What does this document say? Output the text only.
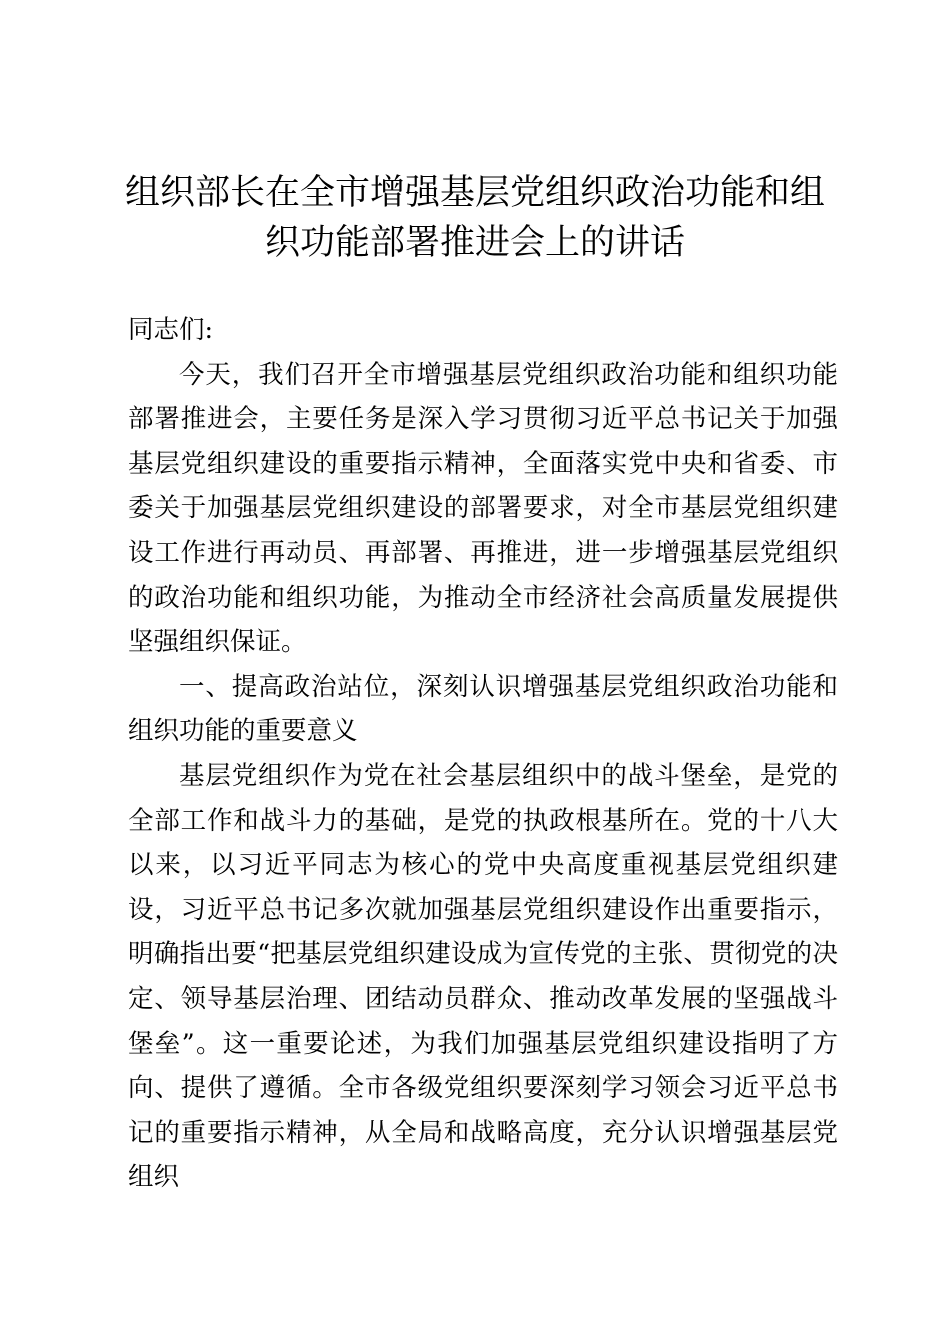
组织部长在全市增强基层党组织政治功能和组
织功能部署推进会上的讲话

同志们:

今天，我们召开全市增强基层党组织政治功能和组织功能部署推进会，主要任务是深入学习贯彻习近平总书记关于加强基层党组织建设的重要指示精神，全面落实党中央和省委、市委关于加强基层党组织建设的部署要求，对全市基层党组织建设工作进行再动员、再部署、再推进，进一步增强基层党组织的政治功能和组织功能，为推动全市经济社会高质量发展提供坚强组织保证。

一、提高政治站位，深刻认识增强基层党组织政治功能和组织功能的重要意义

基层党组织作为党在社会基层组织中的战斗堡垒，是党的全部工作和战斗力的基础，是党的执政根基所在。党的十八大以来，以习近平同志为核心的党中央高度重视基层党组织建设，习近平总书记多次就加强基层党组织建设作出重要指示，明确指出要“把基层党组织建设成为宣传党的主张、贯彻党的决定、领导基层治理、团结动员群众、推动改革发展的坚强战斗堡垒”。这一重要论述，为我们加强基层党组织建设指明了方向、提供了遵循。全市各级党组织要深刻学习领会习近平总书记的重要指示精神，从全局和战略高度，充分认识增强基层党组织
